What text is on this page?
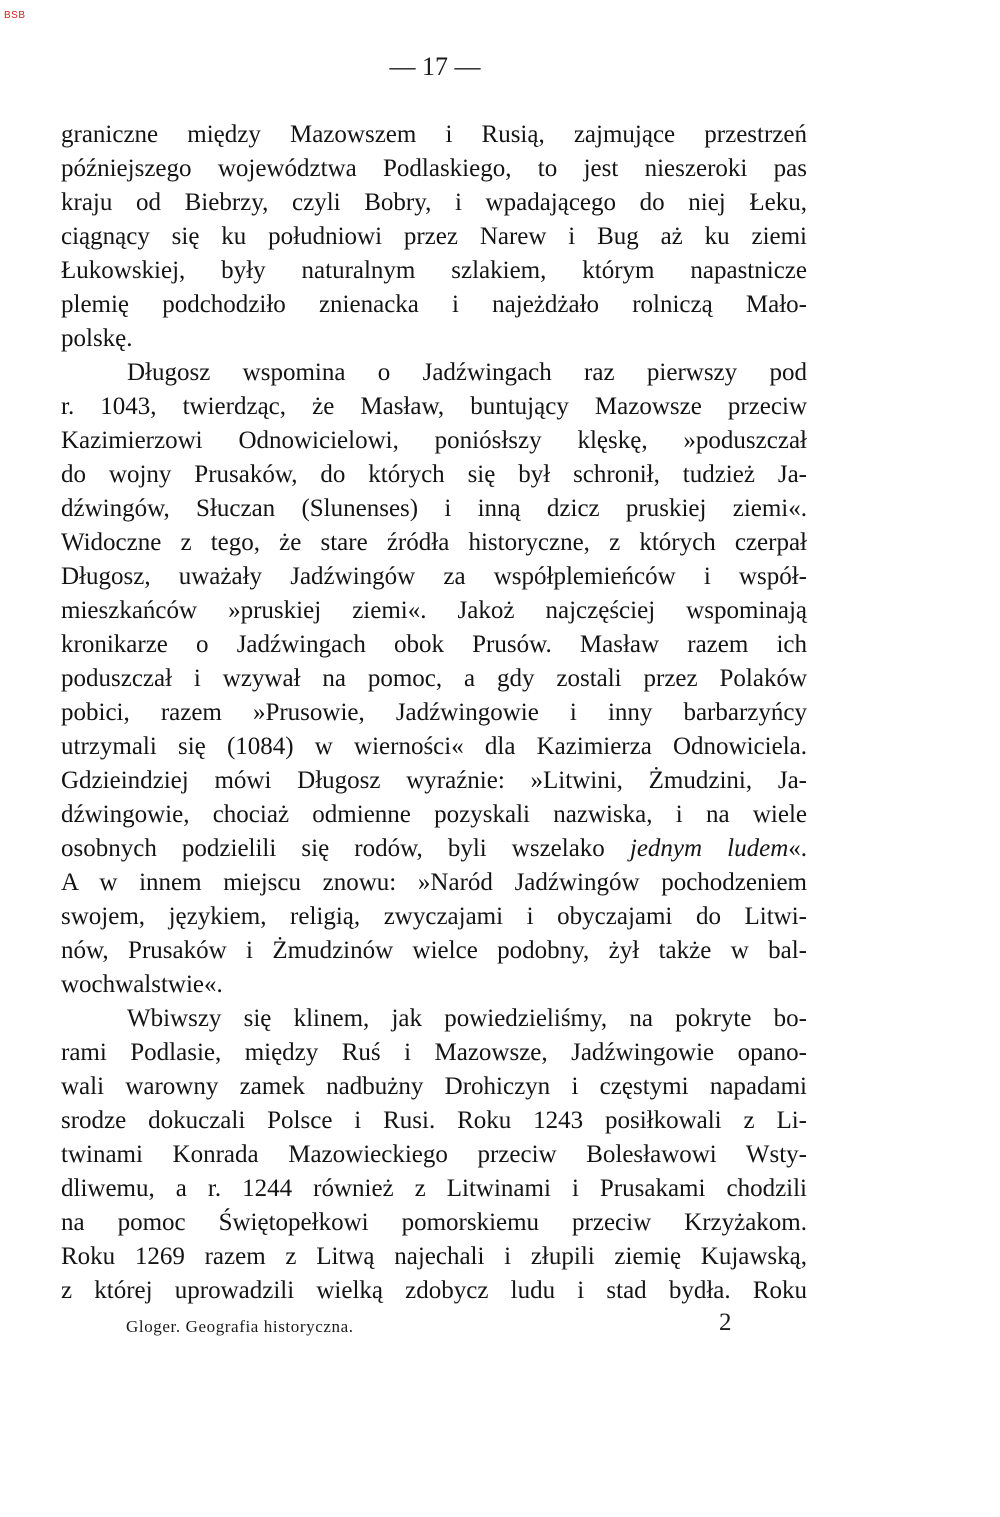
BSB
— 17 —
graniczne między Mazowszem i Rusią, zajmujące przestrzeń
późniejszego województwa Podlaskiego, to jest nieszeroki pas
kraju od Biebrzy, czyli Bobry, i wpadającego do niej Łeku,
ciągnący się ku południowi przez Narew i Bug aż ku ziemi
Łukowskiej, były naturalnym szlakiem, którym napastnicze
plemię podchodziło znienacka i najeżdżało rolniczą Mało-
polskę.
Długosz wspomina o Jadźwingach raz pierwszy pod
r. 1043, twierdząc, że Masław, buntujący Mazowsze przeciw
Kazimierzowi Odnowicielowi, poniósłszy klęskę, »poduszczał
do wojny Prusaków, do których się był schronił, tudzież Ja-
dźwingów, Słuczan (Slunenses) i inną dzicz pruskiej ziemi«.
Widoczne z tego, że stare źródła historyczne, z których czerpał
Długosz, uważały Jadźwingów za współplemieńców i współ-
mieszkańców »pruskiej ziemi«. Jakoż najczęściej wspominają
kronikarze o Jadźwingach obok Prusów. Masław razem ich
poduszczał i wzywał na pomoc, a gdy zostali przez Polaków
pobici, razem »Prusowie, Jadźwingowie i inny barbarzyńcy
utrzymali się (1084) w wierności« dla Kazimierza Odnowiciela.
Gdzieindziej mówi Długosz wyraźnie: »Litwini, Żmudzini, Ja-
dźwingowie, chociaż odmienne pozyskali nazwiska, i na wiele
osobnych podzielili się rodów, byli wszelako jednym ludem«.
A w innem miejscu znowu: »Naród Jadźwingów pochodzeniem
swojem, językiem, religią, zwyczajami i obyczajami do Litwi-
nów, Prusaków i Żmudzinów wielce podobny, żył także w bal-
wochwalstwie«.
Wbiwszy się klinem, jak powiedzieliśmy, na pokryte bo-
rami Podlasie, między Ruś i Mazowsze, Jadźwingowie opano-
wali warowny zamek nadbużny Drohiczyn i częstymi napadami
srodze dokuczali Polsce i Rusi. Roku 1243 posiłkowali z Li-
twinami Konrada Mazowieckiego przeciw Bolesławowi Wsty-
dliwemu, a r. 1244 również z Litwinami i Prusakami chodzili
na pomoc Świętopełkowi pomorskiemu przeciw Krzyżakom.
Roku 1269 razem z Litwą najechali i złupili ziemię Kujawską,
z której uprowadzili wielką zdobycz ludu i stad bydła. Roku
Gloger. Geografia historyczna.	2
